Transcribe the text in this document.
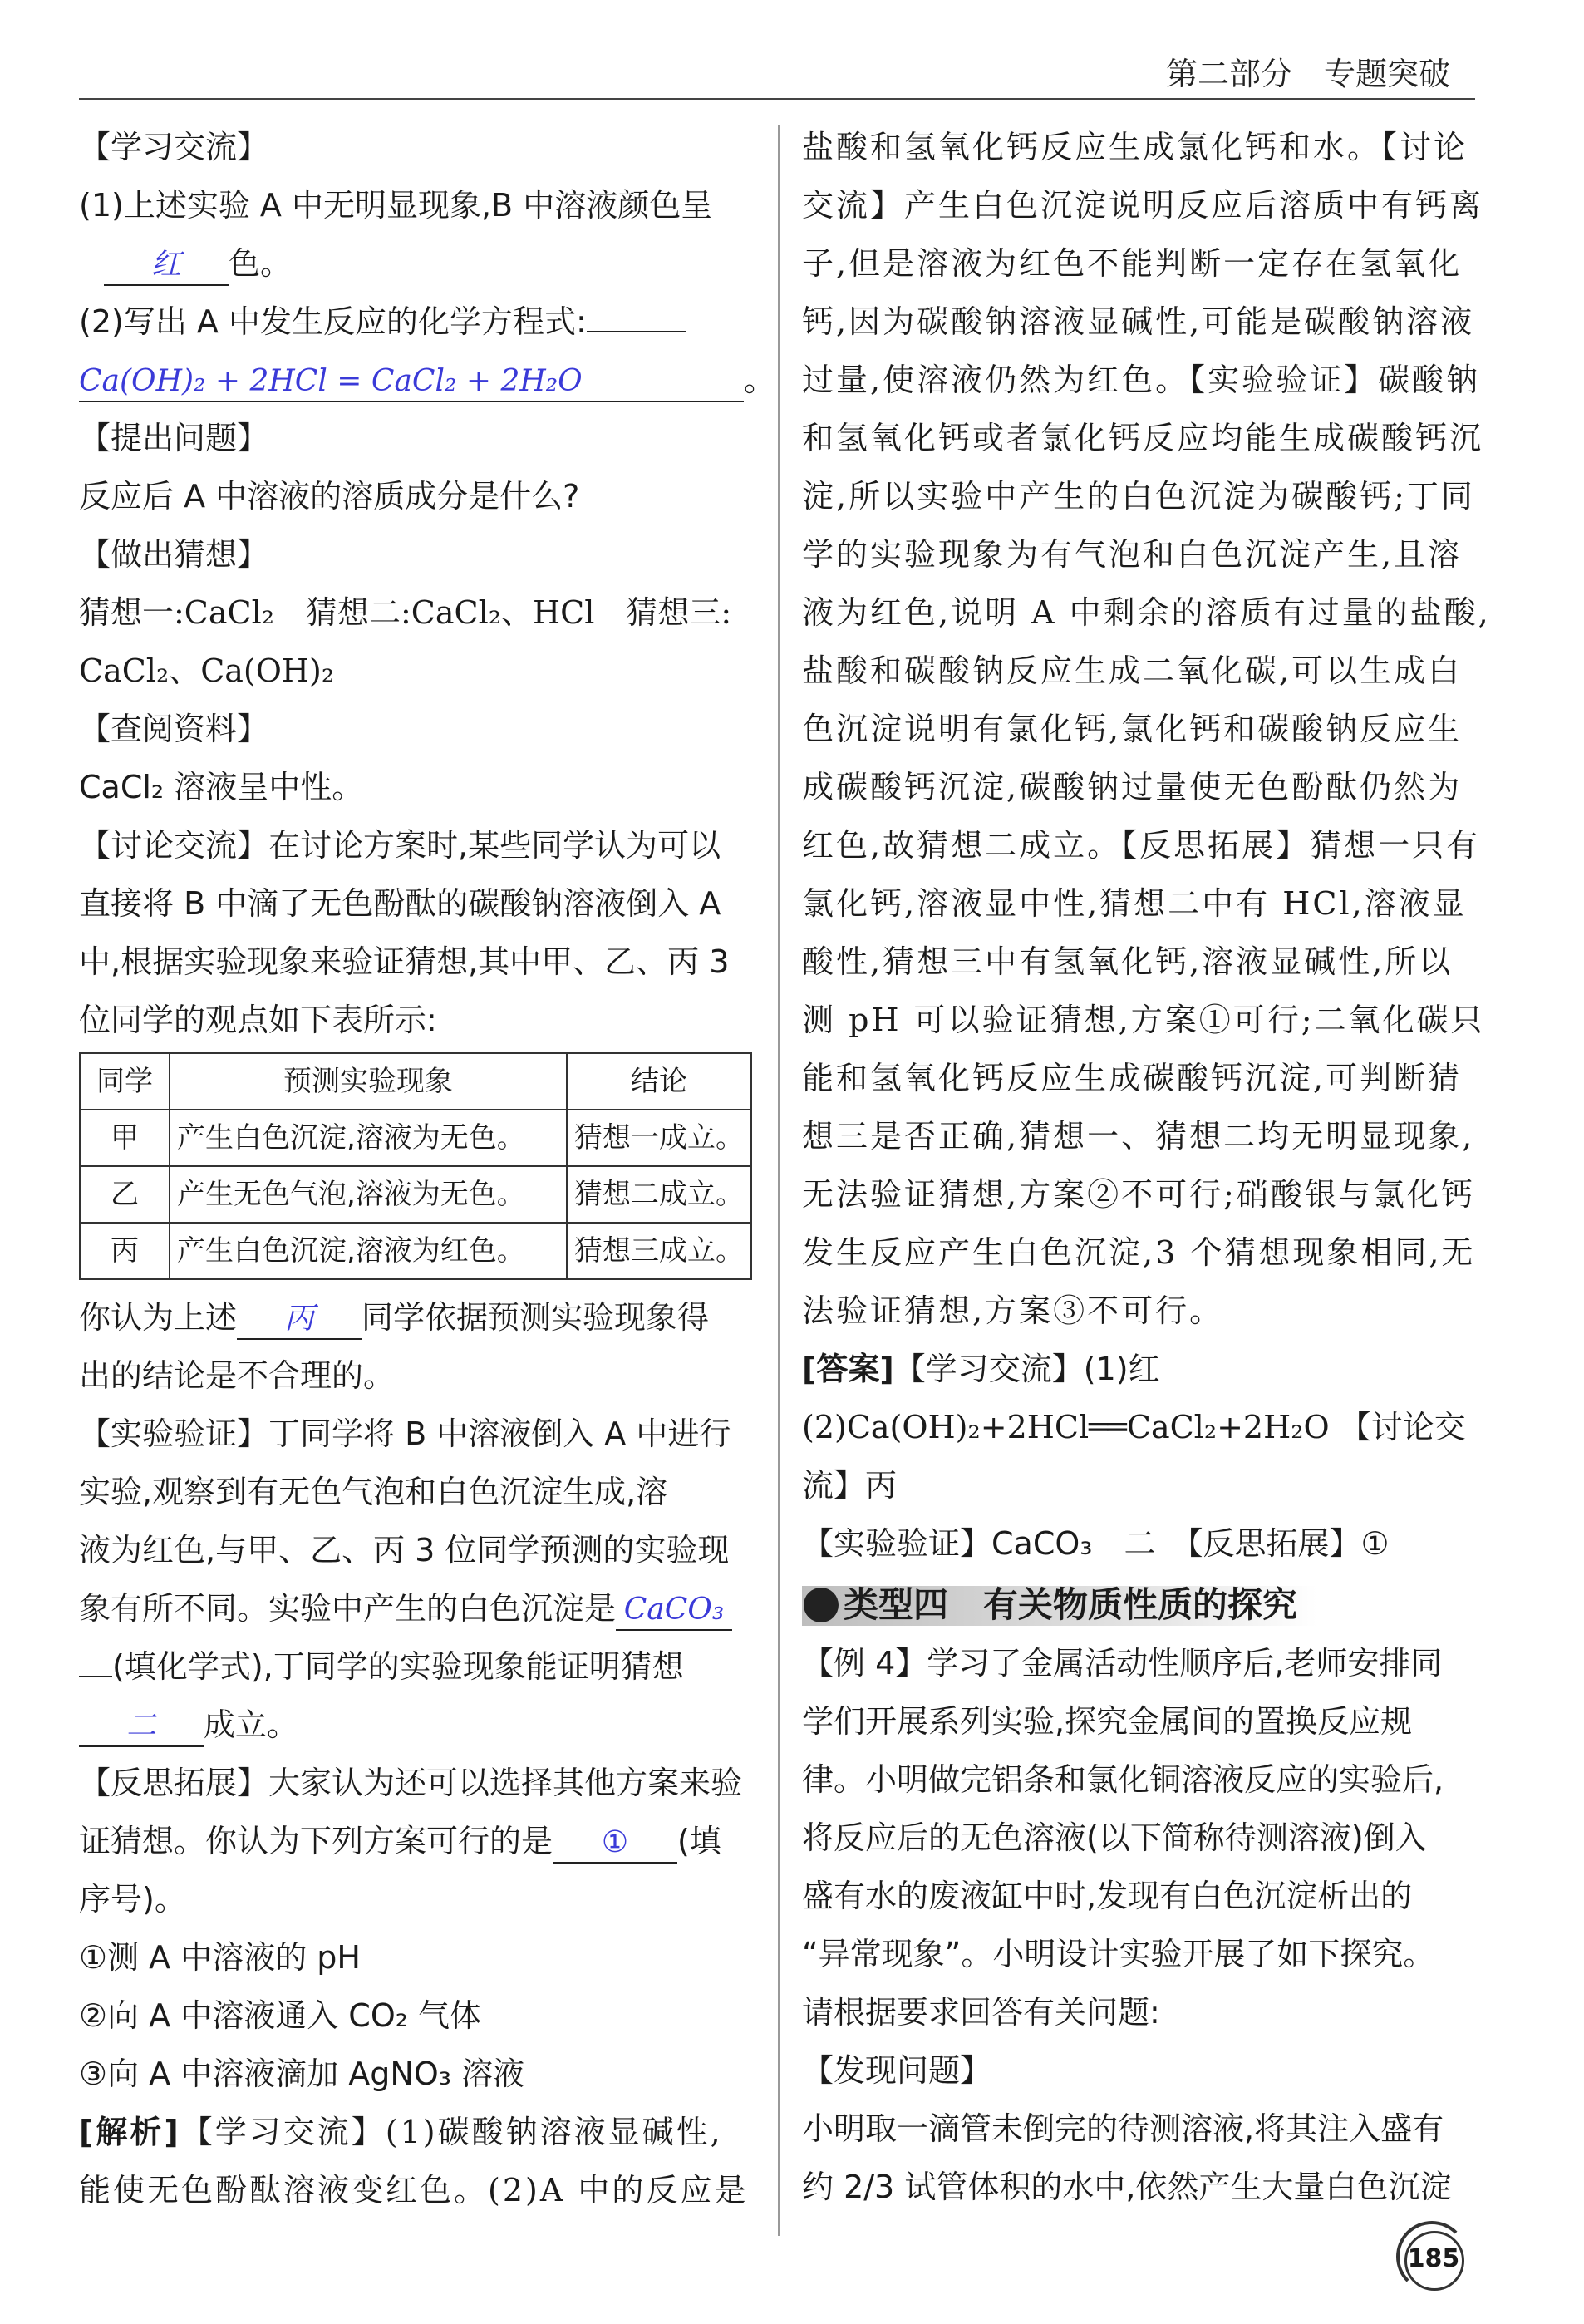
第二部分　专题突破
【学习交流】
(1)上述实验 A 中无明显现象,B 中溶液颜色呈
红 色。
(2)写出 A 中发生反应的化学方程式:
Ca(OH)₂ + 2HCl = CaCl₂ + 2H₂O	。
【提出问题】
反应后 A 中溶液的溶质成分是什么?
【做出猜想】
猜想一:CaCl₂　猜想二:CaCl₂、HCl　猜想三:
CaCl₂、Ca(OH)₂
【查阅资料】
CaCl₂ 溶液呈中性。
【讨论交流】在讨论方案时,某些同学认为可以
直接将 B 中滴了无色酚酞的碳酸钠溶液倒入 A
中,根据实验现象来验证猜想,其中甲、乙、丙 3
位同学的观点如下表所示:
同学	预测实验现象	结论
甲	产生白色沉淀,溶液为无色。	猜想一成立。
乙	产生无色气泡,溶液为无色。	猜想二成立。
丙	产生白色沉淀,溶液为红色。	猜想三成立。
你认为上述 丙 同学依据预测实验现象得
出的结论是不合理的。
【实验验证】丁同学将 B 中溶液倒入 A 中进行
实验,观察到有无色气泡和白色沉淀生成,溶
液为红色,与甲、乙、丙 3 位同学预测的实验现
象有所不同。实验中产生的白色沉淀是 CaCO₃
(填化学式),丁同学的实验现象能证明猜想
二 成立。
【反思拓展】大家认为还可以选择其他方案来验
证猜想。你认为下列方案可行的是 ① (填
序号)。
①测 A 中溶液的 pH
②向 A 中溶液通入 CO₂ 气体
③向 A 中溶液滴加 AgNO₃ 溶液
[解析]【学习交流】(1)碳酸钠溶液显碱性,
能使无色酚酞溶液变红色。(2)A 中的反应是
盐酸和氢氧化钙反应生成氯化钙和水。【讨论
交流】产生白色沉淀说明反应后溶质中有钙离
子,但是溶液为红色不能判断一定存在氢氧化
钙,因为碳酸钠溶液显碱性,可能是碳酸钠溶液
过量,使溶液仍然为红色。【实验验证】碳酸钠
和氢氧化钙或者氯化钙反应均能生成碳酸钙沉
淀,所以实验中产生的白色沉淀为碳酸钙;丁同
学的实验现象为有气泡和白色沉淀产生,且溶
液为红色,说明 A 中剩余的溶质有过量的盐酸,
盐酸和碳酸钠反应生成二氧化碳,可以生成白
色沉淀说明有氯化钙,氯化钙和碳酸钠反应生
成碳酸钙沉淀,碳酸钠过量使无色酚酞仍然为
红色,故猜想二成立。【反思拓展】猜想一只有
氯化钙,溶液显中性,猜想二中有 HCl,溶液显
酸性,猜想三中有氢氧化钙,溶液显碱性,所以
测 pH 可以验证猜想,方案①可行;二氧化碳只
能和氢氧化钙反应生成碳酸钙沉淀,可判断猜
想三是否正确,猜想一、猜想二均无明显现象,
无法验证猜想,方案②不可行;硝酸银与氯化钙
发生反应产生白色沉淀,3 个猜想现象相同,无
法验证猜想,方案③不可行。
[答案]【学习交流】(1)红
(2)Ca(OH)₂+2HCl══CaCl₂+2H₂O 【讨论交
流】丙
【实验验证】CaCO₃　二　【反思拓展】①
类型四　有关物质性质的探究
【例 4】学习了金属活动性顺序后,老师安排同
学们开展系列实验,探究金属间的置换反应规
律。小明做完铝条和氯化铜溶液反应的实验后,
将反应后的无色溶液(以下简称待测溶液)倒入
盛有水的废液缸中时,发现有白色沉淀析出的
“异常现象”。小明设计实验开展了如下探究。
请根据要求回答有关问题:
【发现问题】
小明取一滴管未倒完的待测溶液,将其注入盛有
约 2/3 试管体积的水中,依然产生大量白色沉淀
185
